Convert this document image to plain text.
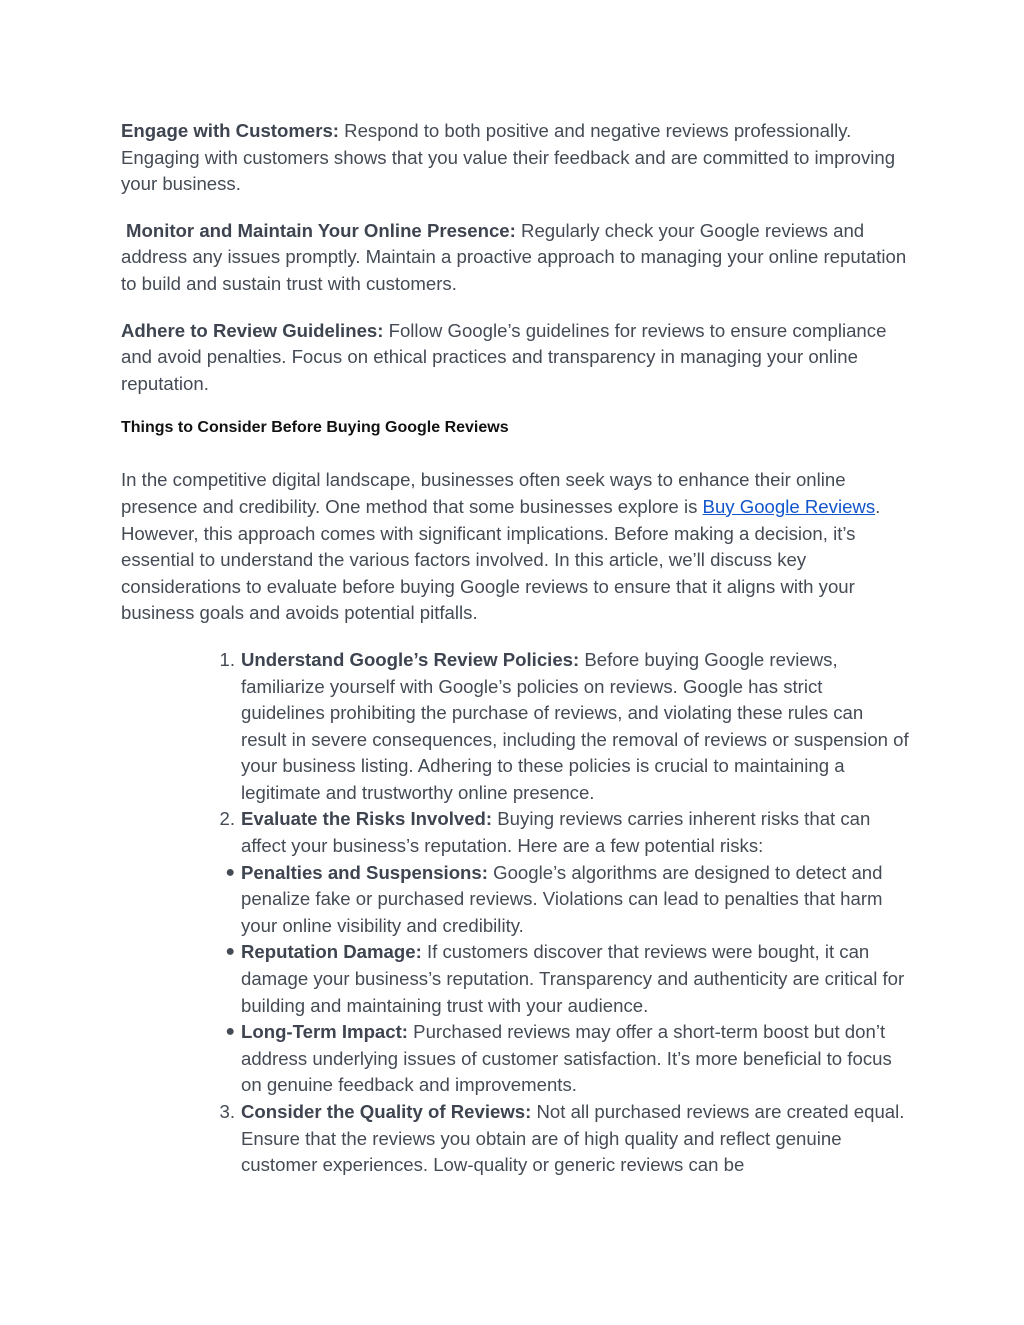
Engage with Customers: Respond to both positive and negative reviews professionally. Engaging with customers shows that you value their feedback and are committed to improving your business.

Monitor and Maintain Your Online Presence: Regularly check your Google reviews and address any issues promptly. Maintain a proactive approach to managing your online reputation to build and sustain trust with customers.

Adhere to Review Guidelines: Follow Google’s guidelines for reviews to ensure compliance and avoid penalties. Focus on ethical practices and transparency in managing your online reputation.

Things to Consider Before Buying Google Reviews

In the competitive digital landscape, businesses often seek ways to enhance their online presence and credibility. One method that some businesses explore is Buy Google Reviews. However, this approach comes with significant implications. Before making a decision, it’s essential to understand the various factors involved. In this article, we’ll discuss key considerations to evaluate before buying Google reviews to ensure that it aligns with your business goals and avoids potential pitfalls.

1. Understand Google’s Review Policies: Before buying Google reviews, familiarize yourself with Google’s policies on reviews. Google has strict guidelines prohibiting the purchase of reviews, and violating these rules can result in severe consequences, including the removal of reviews or suspension of your business listing. Adhering to these policies is crucial to maintaining a legitimate and trustworthy online presence.
2. Evaluate the Risks Involved: Buying reviews carries inherent risks that can affect your business’s reputation. Here are a few potential risks:
● Penalties and Suspensions: Google’s algorithms are designed to detect and penalize fake or purchased reviews. Violations can lead to penalties that harm your online visibility and credibility.
● Reputation Damage: If customers discover that reviews were bought, it can damage your business’s reputation. Transparency and authenticity are critical for building and maintaining trust with your audience.
● Long-Term Impact: Purchased reviews may offer a short-term boost but don’t address underlying issues of customer satisfaction. It’s more beneficial to focus on genuine feedback and improvements.
3. Consider the Quality of Reviews: Not all purchased reviews are created equal. Ensure that the reviews you obtain are of high quality and reflect genuine customer experiences. Low-quality or generic reviews can be
